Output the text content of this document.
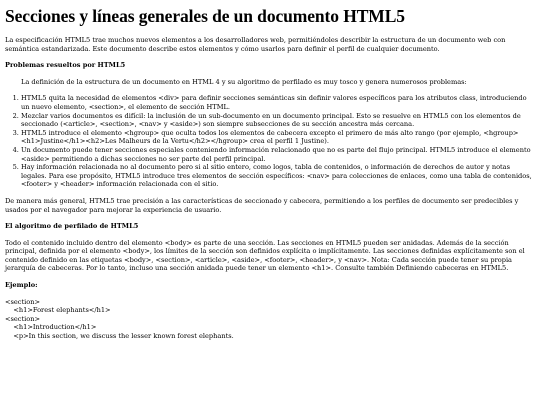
Secciones y líneas generales de un documento HTML5

La especificación HTML5 trae muchos nuevos elementos a los desarrolladores web, permitiéndoles describir la estructura de un documento web con semántica estandarizada. Este documento describe estos elementos y cómo usarlos para definir el perfil de cualquier documento.

Problemas resueltos por HTML5

La definición de la estructura de un documento en HTML 4 y su algoritmo de perfilado es muy tosco y genera numerosos problemas:

1. HTML5 quita la necesidad de elementos <div> para definir secciones semánticas sin definir valores específicos para los atributos class, introduciendo un nuevo elemento, <section>, el elemento de sección HTML.
2. Mezclar varios documentos es difícil: la inclusión de un sub-documento en un documento principal. Esto se resuelve en HTML5 con los elementos de seccionado (<article>, <section>, <nav> y <aside>) son siempre subsecciones de su sección ancestra más cercana.
3. HTML5 introduce el elemento <hgroup> que oculta todos los elementos de cabecera excepto el primero de más alto rango (por ejemplo, <hgroup><h1>Justine</h1><h2>Les Malheurs de la Vertu</h2></hgroup> crea el perfil 1 Justine).
4. Un documento puede tener secciones especiales conteniendo información relacionado que no es parte del flujo principal. HTML5 introduce el elemento <aside> permitiendo a dichas secciones no ser parte del perfil principal.
5. Hay información relacionada no al documento pero si al sitio entero, como logos, tabla de contenidos, o información de derechos de autor y notas legales. Para ese propósito, HTML5 introduce tres elementos de sección específicos: <nav> para colecciones de enlaces, como una tabla de contenidos, <footer> y <header> información relacionada con el sitio.

De manera más general, HTML5 trae precisión a las características de seccionado y cabecera, permitiendo a los perfiles de documento ser predecibles y usados por el navegador para mejorar la experiencia de usuario.

El algoritmo de perfilado de HTML5

Todo el contenido incluido dentro del elemento <body> es parte de una sección. Las secciones en HTML5 pueden ser anidadas. Además de la sección principal, definida por el elemento <body>, los límites de la sección son definidos explícita o implícitamente. Las secciones definidas explícitamente son el contenido definido en las etiquetas <body>, <section>, <article>, <aside>, <footer>, <header>, y <nav>. Nota: Cada sección puede tener su propia jerarquía de cabeceras. Por lo tanto, incluso una sección anidada puede tener un elemento <h1>. Consulte también Definiendo cabeceras en HTML5.

Ejemplo:
<section>
<h1>Forest elephants</h1>
<section>
<h1>Introduction</h1>
<p>In this section, we discuss the lesser known forest elephants.
